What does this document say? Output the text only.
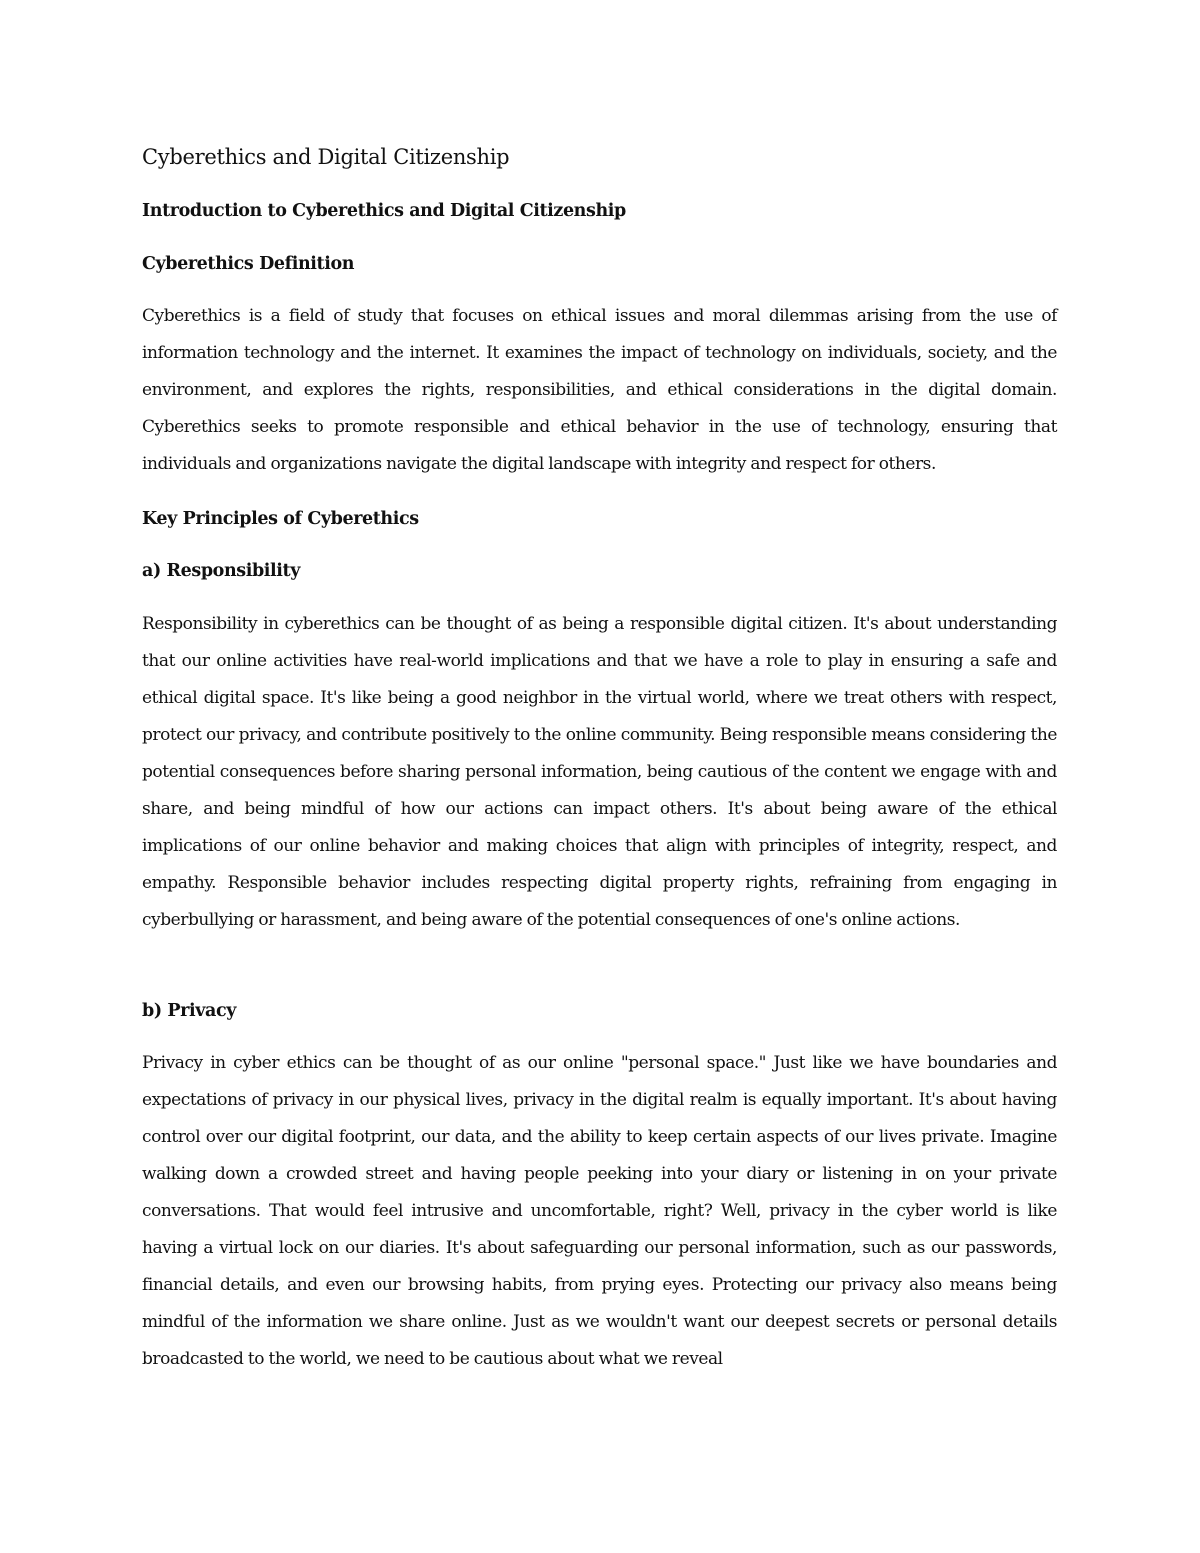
Cyberethics and Digital Citizenship
Introduction to Cyberethics and Digital Citizenship
Cyberethics Definition

Cyberethics is a field of study that focuses on ethical issues and moral dilemmas arising from the use of information technology and the internet. It examines the impact of technology on individuals, society, and the environment, and explores the rights, responsibilities, and ethical considerations in the digital domain. Cyberethics seeks to promote responsible and ethical behavior in the use of technology, ensuring that individuals and organizations navigate the digital landscape with integrity and respect for others.

Key Principles of Cyberethics
a) Responsibility

Responsibility in cyberethics can be thought of as being a responsible digital citizen. It's about understanding that our online activities have real-world implications and that we have a role to play in ensuring a safe and ethical digital space. It's like being a good neighbor in the virtual world, where we treat others with respect, protect our privacy, and contribute positively to the online community. Being responsible means considering the potential consequences before sharing personal information, being cautious of the content we engage with and share, and being mindful of how our actions can impact others. It's about being aware of the ethical implications of our online behavior and making choices that align with principles of integrity, respect, and empathy. Responsible behavior includes respecting digital property rights, refraining from engaging in cyberbullying or harassment, and being aware of the potential consequences of one's online actions.

b) Privacy

Privacy in cyber ethics can be thought of as our online "personal space." Just like we have boundaries and expectations of privacy in our physical lives, privacy in the digital realm is equally important. It's about having control over our digital footprint, our data, and the ability to keep certain aspects of our lives private. Imagine walking down a crowded street and having people peeking into your diary or listening in on your private conversations. That would feel intrusive and uncomfortable, right? Well, privacy in the cyber world is like having a virtual lock on our diaries. It's about safeguarding our personal information, such as our passwords, financial details, and even our browsing habits, from prying eyes. Protecting our privacy also means being mindful of the information we share online. Just as we wouldn't want our deepest secrets or personal details broadcasted to the world, we need to be cautious about what we reveal
